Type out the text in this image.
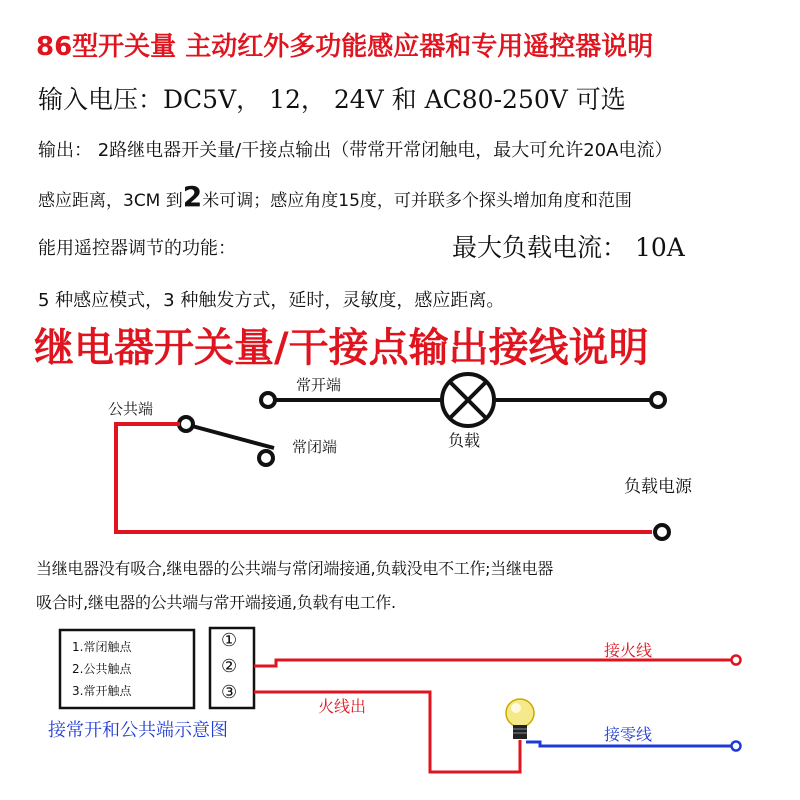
86型开关量 主动红外多功能感应器和专用遥控器说明
输入电压：DC5V， 12， 24V 和 AC80-250V 可选
输出： 2路继电器开关量/干接点输出（带常开常闭触电，最大可允许20A电流）
感应距离，3CM 到2米可调；感应角度15度，可并联多个探头增加角度和范围
能用遥控器调节的功能：	最大负载电流： 10A
5 种感应模式，3 种触发方式，延时，灵敏度，感应距离。
继电器开关量/干接点输出接线说明
公共端
常开端
常闭端	负载
负载电源
当继电器没有吸合,继电器的公共端与常闭端接通,负载没电不工作;当继电器
吸合时,继电器的公共端与常开端接通,负载有电工作.
1.常闭触点
2.公共触点
3.常开触点
①
②
③
接火线
火线出
接零线
接常开和公共端示意图
